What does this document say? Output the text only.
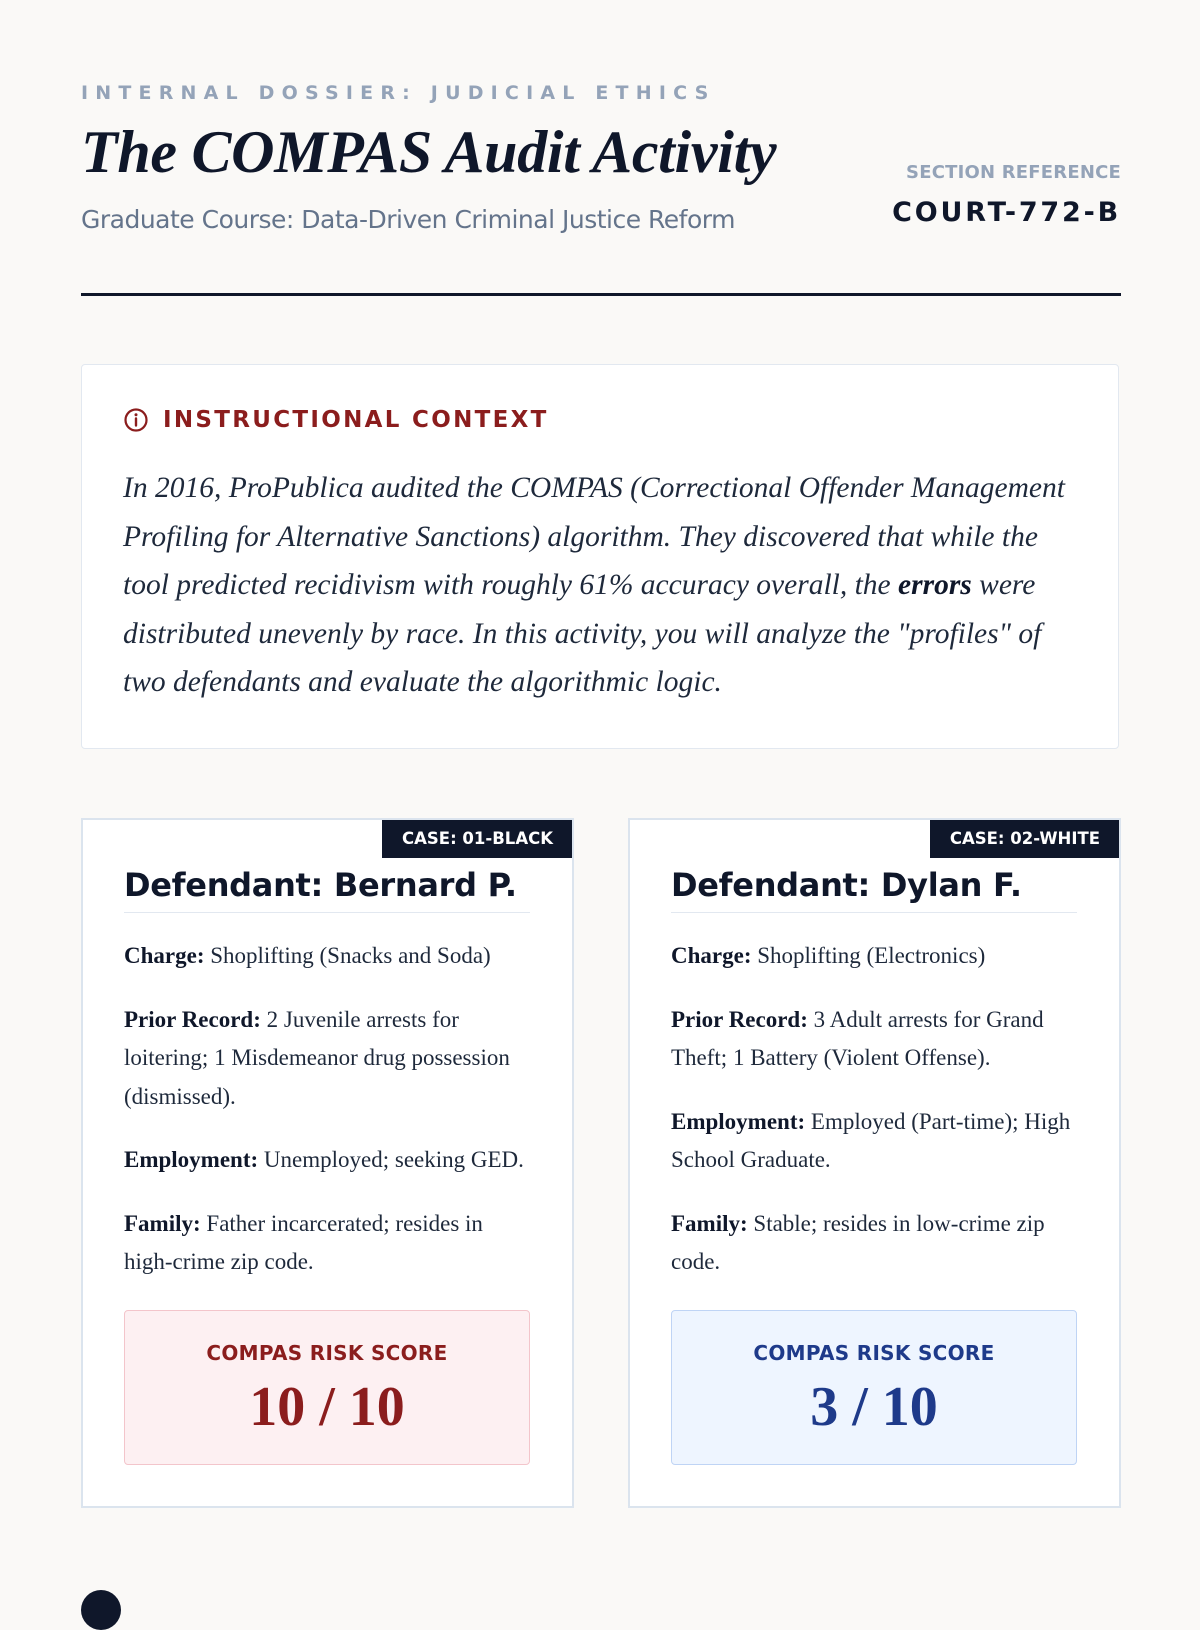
INTERNAL DOSSIER: JUDICIAL ETHICS
The COMPAS Audit Activity
Graduate Course: Data-Driven Criminal Justice Reform
SECTION REFERENCE
COURT-772-B
INSTRUCTIONAL CONTEXT
In 2016, ProPublica audited the COMPAS (Correctional Offender Management Profiling for Alternative Sanctions) algorithm. They discovered that while the tool predicted recidivism with roughly 61% accuracy overall, the errors were distributed unevenly by race. In this activity, you will analyze the "profiles" of two defendants and evaluate the algorithmic logic.
CASE: 01-BLACK
Defendant: Bernard P.
Charge: Shoplifting (Snacks and Soda)
Prior Record: 2 Juvenile arrests for loitering; 1 Misdemeanor drug possession (dismissed).
Employment: Unemployed; seeking GED.
Family: Father incarcerated; resides in high-crime zip code.
COMPAS RISK SCORE
10 / 10
CASE: 02-WHITE
Defendant: Dylan F.
Charge: Shoplifting (Electronics)
Prior Record: 3 Adult arrests for Grand Theft; 1 Battery (Violent Offense).
Employment: Employed (Part-time); High School Graduate.
Family: Stable; resides in low-crime zip code.
COMPAS RISK SCORE
3 / 10
